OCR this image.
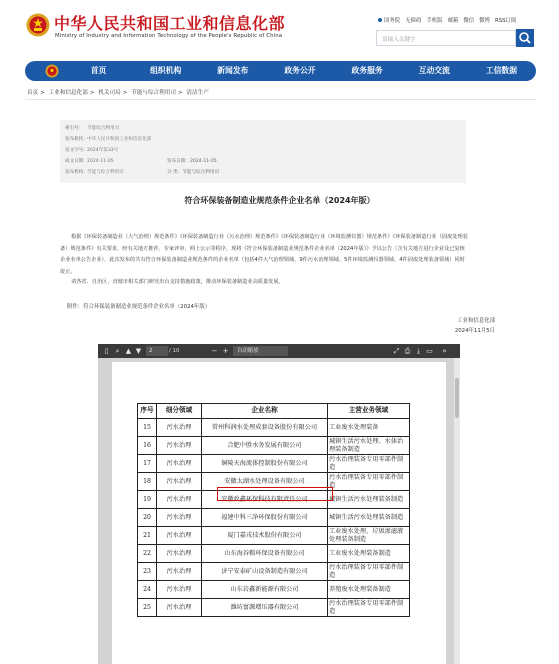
中华人民共和国工业和信息化部
Ministry of Industry and Information Technology of the People's Republic of China
国务院 无障碍 手机版 邮箱 微信 微博 RSS订阅
请输入关键字
首页	组织机构	新闻发布	政务公开	政务服务	互动交流	工信数据
首页 > 工业和信息化部 > 机关司局 > 节能与综合利用司 > 清洁生产
索引号： 节能综合利用司
发布机构：中华人民共和国工业和信息化部
发文字号：2024年第33号
成文日期：2024-11-05	发布日期：2024-11-05
发布机构：节能与综合利用司	分 类：节能与综合利用司
符合环保装备制造业规范条件企业名单（2024年版）
根据《环保装备制造业（大气治理）规范条件》《环保装备制造行业（污水治理）规范条件》《环保装备制造行业（环境监测仪器）规范条件》《环保装备制造行业（固废处理装备）规范条件》有关要求，经有关地方推荐、专家评审、网上公示等程序，现将《符合环保装备制造业规范条件企业名单（2024年版）》予以公告（含有关地方进行企业及已复核企业名单公告企业），此次发布的共有符合环保装备制造业规范条件的企业名单（包括4件大气治理领域、9件污水治理领域、5件环境监测仪器领域、4件固废处理装备领域）同时废止。
请各省、自治区、直辖市相关部门研究出台支持措施政策，推动环保装备制造业高质量发展。
附件：符合环保装备制造业规范条件企业名单（2024年版）
工业和信息化部
2024年11月5日
▯	⌕ ▲ ▼	2	/ 10	− +	自动缩放	⤢ ⎙ ⤓ ▭	»
序号	细分领域	企业名称	主营业务领域
15	污水治理	常州科润水处理成套设备股份有限公司	工业废水处理装备
16	污水治理	合肥中胜水务发展有限公司	城镇生活污水处理、水体治理装备制造
17	污水治理	铜陵天海流体控制股份有限公司	污水治理装备专用零部件制造
18	污水治理	安徽太湖水处理设备有限公司	污水治理装备专用零部件制造
19	污水治理	安徽政鑫环保科技有限责任公司	城镇生活污水处理装备制造
20	污水治理	福建中科三净环保股份有限公司	城镇生活污水处理装备制造
21	污水治理	厦门嘉戎技术股份有限公司	工业废水处理、垃圾渗滤液处理装备制造
22	污水治理	山东海谷粮环保设备有限公司	工业废水处理装备制造
23	污水治理	济宁安泰矿山设备制造有限公司	污水治理装备专用零部件制造
24	污水治理	山东岩鑫新能源有限公司	养殖废水处理装备制造
25	污水治理	潍坊富源增压器有限公司	污水治理装备专用零部件制造
